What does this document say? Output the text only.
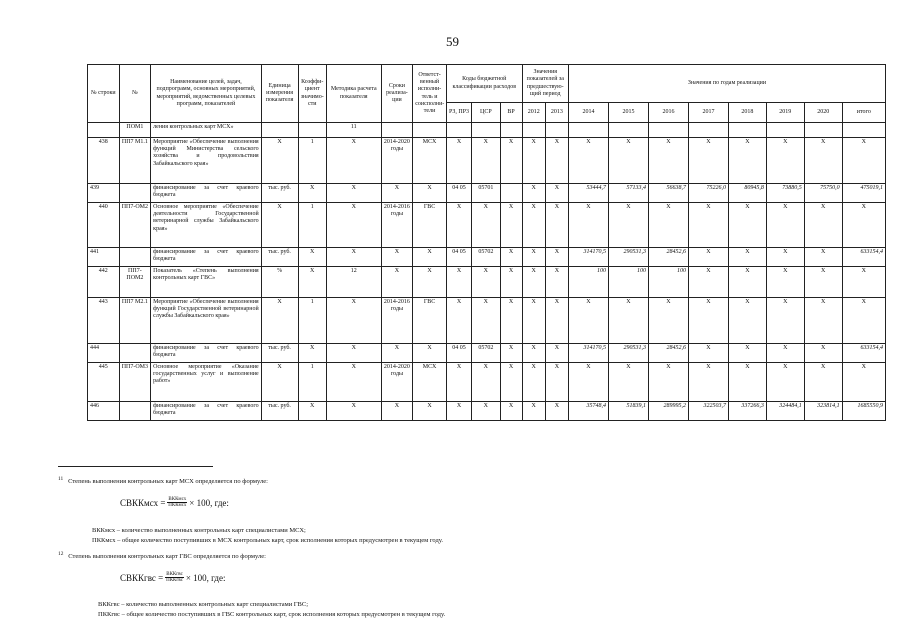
59
№ строки	№	Наименование целей, задач, подпрограмм, основных мероприятий, мероприятий, ведомственных целевых программ, показателей	Единица измерения показателя	Коэффи-циент значимо-сти	Методика расчета показателя	Сроки реализа-ции	Ответст-венный исполни-тель и соисполни-тели	Коды бюджетной классификации расходов			Значения показателей за предшествую-щий период		Значения по годам реализации							
								РЗ, ПР3	ЦСР	ВР	2012	2013	2014	2015	2016	2017	2018	2019	2020	итого
	ПОМ1	ления контрольных карт МСХ»			11															
438	ПП7 М1.1	Мероприятие «Обеспечение выполнения функций Министерства сельского хозяйства и продовольствия Забайкальского края»	Х	1	Х	2014-2020 годы	МСХ	Х	Х	Х	Х	Х	Х	Х	Х	Х	Х	Х	Х	Х
439		финансирование за счет краевого бюджета	тыс. руб.	Х	Х	Х	Х	04 05	05701		Х	Х	53444,7	57133,4	56638,7	75226,0	80945,8	73880,5	75750,0	475019,1
440	ПП7-ОМ2	Основное мероприятие «Обеспечение деятельности Государственной ветеринарной службы Забайкальского края»	Х	1	Х	2014-2016 годы	ГВС	Х	Х	Х	Х	Х	Х	Х	Х	Х	Х	Х	Х	Х
441		финансирование за счет краевого бюджета	тыс. руб.	Х	Х	Х	Х	04 05	05702	Х	Х	Х	314170,5	290531,3	28452,6	Х	Х	Х	Х	633154,4
442	ПП7-ПОМ2	Показатель «Степень выполнения контрольных карт ГВС»	%	Х	12	Х	Х	Х	Х	Х	Х	Х	100	100	100	Х	Х	Х	Х	Х
443	ПП7 М2.1	Мероприятие «Обеспечение выполнения функций Государственной ветеринарной службы Забайкальского края»	Х	1	Х	2014-2016 годы	ГВС	Х	Х	Х	Х	Х	Х	Х	Х	Х	Х	Х	Х	Х
444		финансирование за счет краевого бюджета	тыс. руб.	Х	Х	Х	Х	04 05	05702	Х	Х	Х	314170,5	290531,3	28452,6	Х	Х	Х	Х	633154,4
445	ПП7-ОМ3	Основное мероприятие «Оказание государственных услуг и выполнение работ»	Х	1	Х	2014-2020 годы	МСХ	Х	Х	Х	Х	Х	Х	Х	Х	Х	Х	Х	Х	Х
446		финансирование за счет краевого бюджета	тыс. руб.	Х	Х	Х	Х	Х	Х	Х	Х	Х	35748,4	51839,1	289995,2	322503,7	337266,3	324484,1	323814,1	1685550,9
$^{11}$ Степень выполнения контрольных карт МСХ определяется по формуле:
СВККмсх = $\frac{\text{ВККмсх}}{\text{ПККмсх}} \times 100$, где:
ВККмсх – количество выполненных контрольных карт специалистами МСХ;
ПККмсх – общее количество поступивших в МСХ контрольных карт, срок исполнения которых предусмотрен в текущем году.
$^{12}$ Степень выполнения контрольных карт ГВС определяется по формуле:
СВККгвс = $\frac{\text{ВККгвс}}{\text{ПККгвс}} \times 100$, где:
ВККгвс – количество выполненных контрольных карт специалистами ГВС;
ПККгвс – общее количество поступивших в ГВС контрольных карт, срок исполнения которых предусмотрен в текущем году.
